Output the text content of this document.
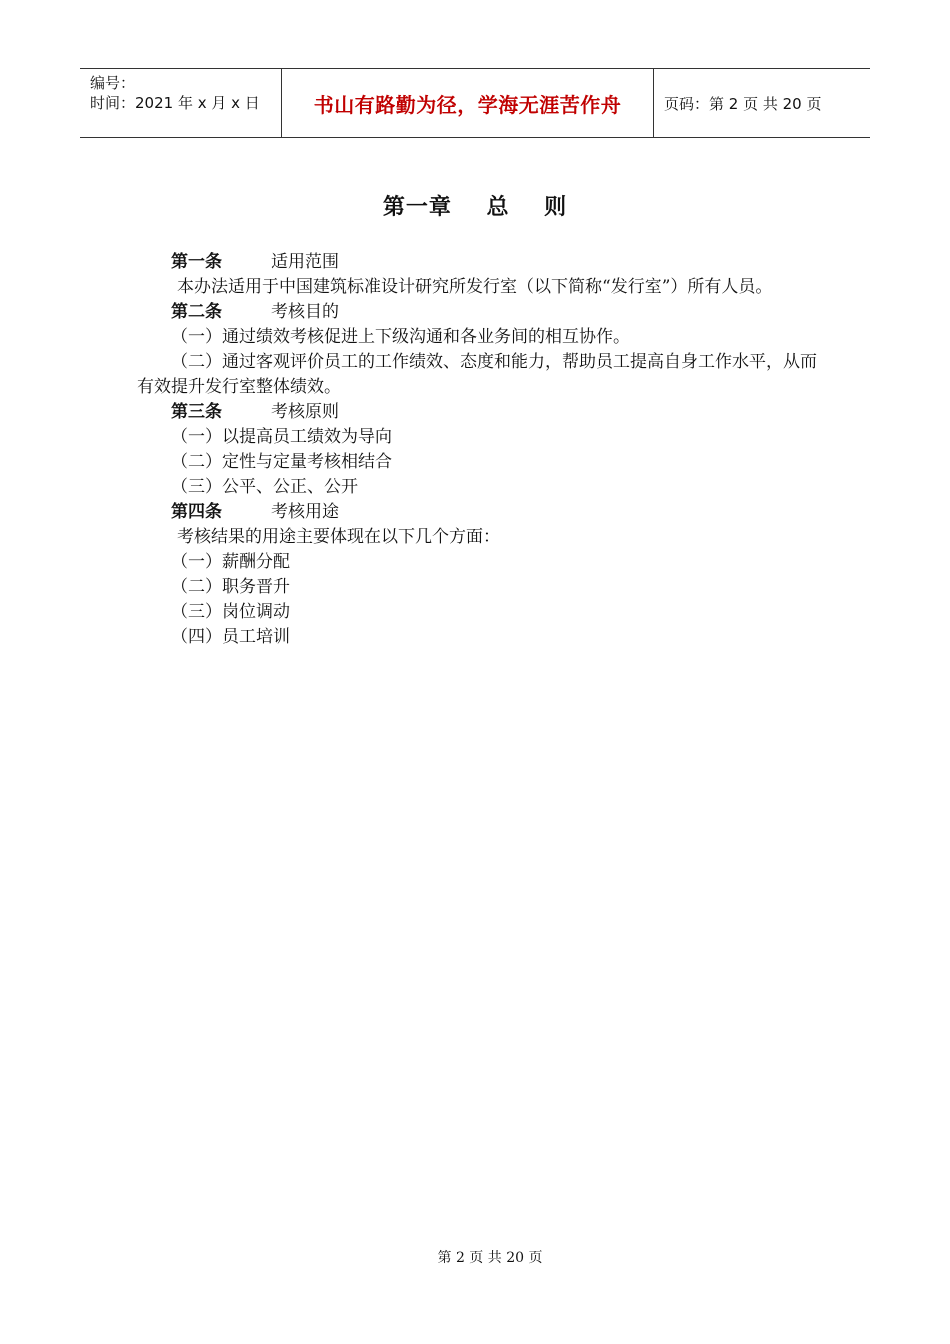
编号：
时间：2021 年 x 月 x 日	书山有路勤为径，学海无涯苦作舟	页码：第 2 页 共 20 页
第一章    总    则
第一条	适用范围
本办法适用于中国建筑标准设计研究所发行室（以下简称“发行室”）所有人员。
第二条	考核目的
（一）通过绩效考核促进上下级沟通和各业务间的相互协作。
（二）通过客观评价员工的工作绩效、态度和能力，帮助员工提高自身工作水平，从而有效提升发行室整体绩效。
第三条	考核原则
（一）以提高员工绩效为导向
（二）定性与定量考核相结合
（三）公平、公正、公开
第四条	考核用途
考核结果的用途主要体现在以下几个方面：
（一）薪酬分配
（二）职务晋升
（三）岗位调动
（四）员工培训
第 2 页 共 20 页
